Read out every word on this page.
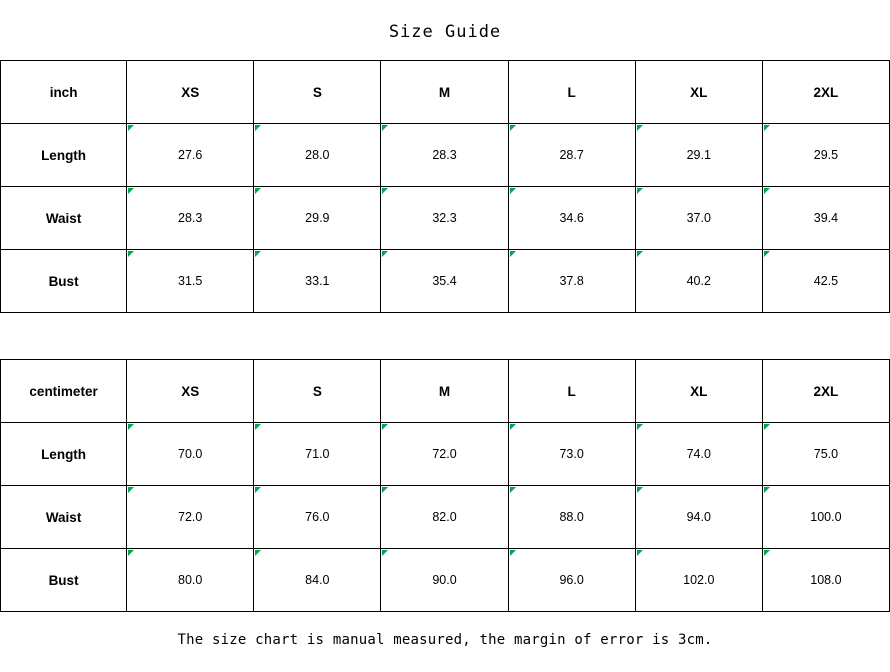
Size Guide
inch	XS	S	M	L	XL	2XL
Length	27.6	28.0	28.3	28.7	29.1	29.5
Waist	28.3	29.9	32.3	34.6	37.0	39.4
Bust	31.5	33.1	35.4	37.8	40.2	42.5
centimeter	XS	S	M	L	XL	2XL
Length	70.0	71.0	72.0	73.0	74.0	75.0
Waist	72.0	76.0	82.0	88.0	94.0	100.0
Bust	80.0	84.0	90.0	96.0	102.0	108.0
The size chart is manual measured, the margin of error is 3cm.
